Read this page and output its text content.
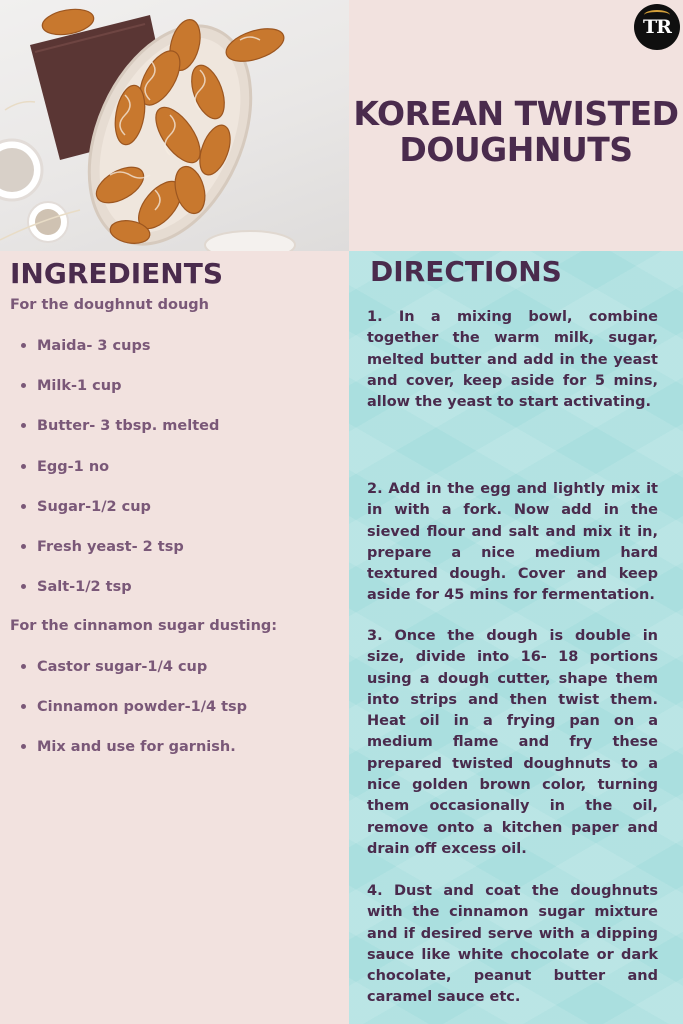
TR
KOREAN TWISTED
DOUGHNUTS
INGREDIENTS

For the doughnut dough

Maida- 3 cups
Milk-1 cup
Butter- 3 tbsp. melted
Egg-1 no
Sugar-1/2 cup
Fresh yeast- 2 tsp
Salt-1/2 tsp

For the cinnamon sugar dusting:

Castor sugar-1/4 cup
Cinnamon powder-1/4 tsp
Mix and use for garnish.
DIRECTIONS

1. In a mixing bowl, combine together the warm milk, sugar, melted butter and add in the yeast and cover, keep aside for 5 mins, allow the yeast to start activating.

2. Add in the egg and lightly mix it in with a fork. Now add in the sieved flour and salt and mix it in, prepare a nice medium hard textured dough. Cover and keep aside for 45 mins for fermentation.

3. Once the dough is double in size, divide into 16- 18 portions using a dough cutter, shape them into strips and then twist them. Heat oil in a frying pan on a medium flame and fry these prepared twisted doughnuts to a nice golden brown color, turning them occasionally in the oil, remove onto a kitchen paper and drain off excess oil.

4. Dust and coat the doughnuts with the cinnamon sugar mixture and if desired serve with a dipping sauce like white chocolate or dark chocolate, peanut butter and caramel sauce etc.
